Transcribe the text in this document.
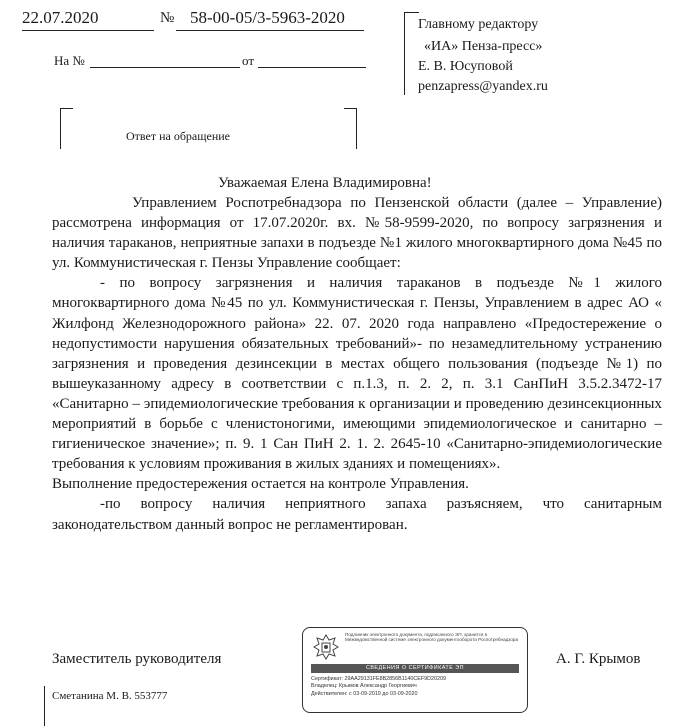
22.07.2020	№ 58-00-05/3-5963-2020
На №	от
Главному редактору
«ИА» Пенза-пресс»
Е. В. Юсуповой
penzapress@yandex.ru
Ответ на обращение
Уважаемая Елена Владимировна!

Управлением Роспотребнадзора по Пензенской области (далее – Управление) рассмотрена информация от 17.07.2020г. вх. №58-9599-2020, по вопросу загрязнения и наличия тараканов, неприятные запахи в подъезде №1 жилого многоквартирного дома №45 по ул. Коммунистическая г. Пензы Управление сообщает:

- по вопросу загрязнения и наличия тараканов в подъезде №1 жилого многоквартирного дома №45 по ул. Коммунистическая г. Пензы, Управлением в адрес АО « Жилфонд Железнодорожного района» 22. 07. 2020 года направлено «Предостережение о недопустимости нарушения обязательных требований»- по незамедлительному устранению загрязнения и проведения дезинсекции в местах общего пользования (подъезде №1) по вышеуказанному адресу в соответствии с п.1.3, п. 2. 2, п. 3.1 СанПиН 3.5.2.3472-17 «Санитарно – эпидемиологические требования к организации и проведению дезинсекционных мероприятий в борьбе с членистоногими, имеющими эпидемиологическое и санитарно – гигиеническое значение»; п. 9. 1 Сан ПиН 2. 1. 2. 2645-10 «Санитарно-эпидемиологические требования к условиям проживания в жилых зданиях и помещениях».

Выполнение предостережения остается на контроле Управления.

-по вопросу наличия неприятного запаха разъясняем, что санитарным законодательством данный вопрос не регламентирован.

Заместитель руководителя	А. Г. Крымов
Подлинник электронного документа, подписанного ЭП, хранится в Межведомственной системе электронного документооборота Роспотребнадзора
СВЕДЕНИЯ О СЕРТИФИКАТЕ ЭП
Сертификат: 29AA29131FE8B2856B1140CEF9D20209
Владелец: Крымов Александр Георгиевич
Действителен: с 03-09-2019 до 03-09-2020
Сметанина М. В. 553777
